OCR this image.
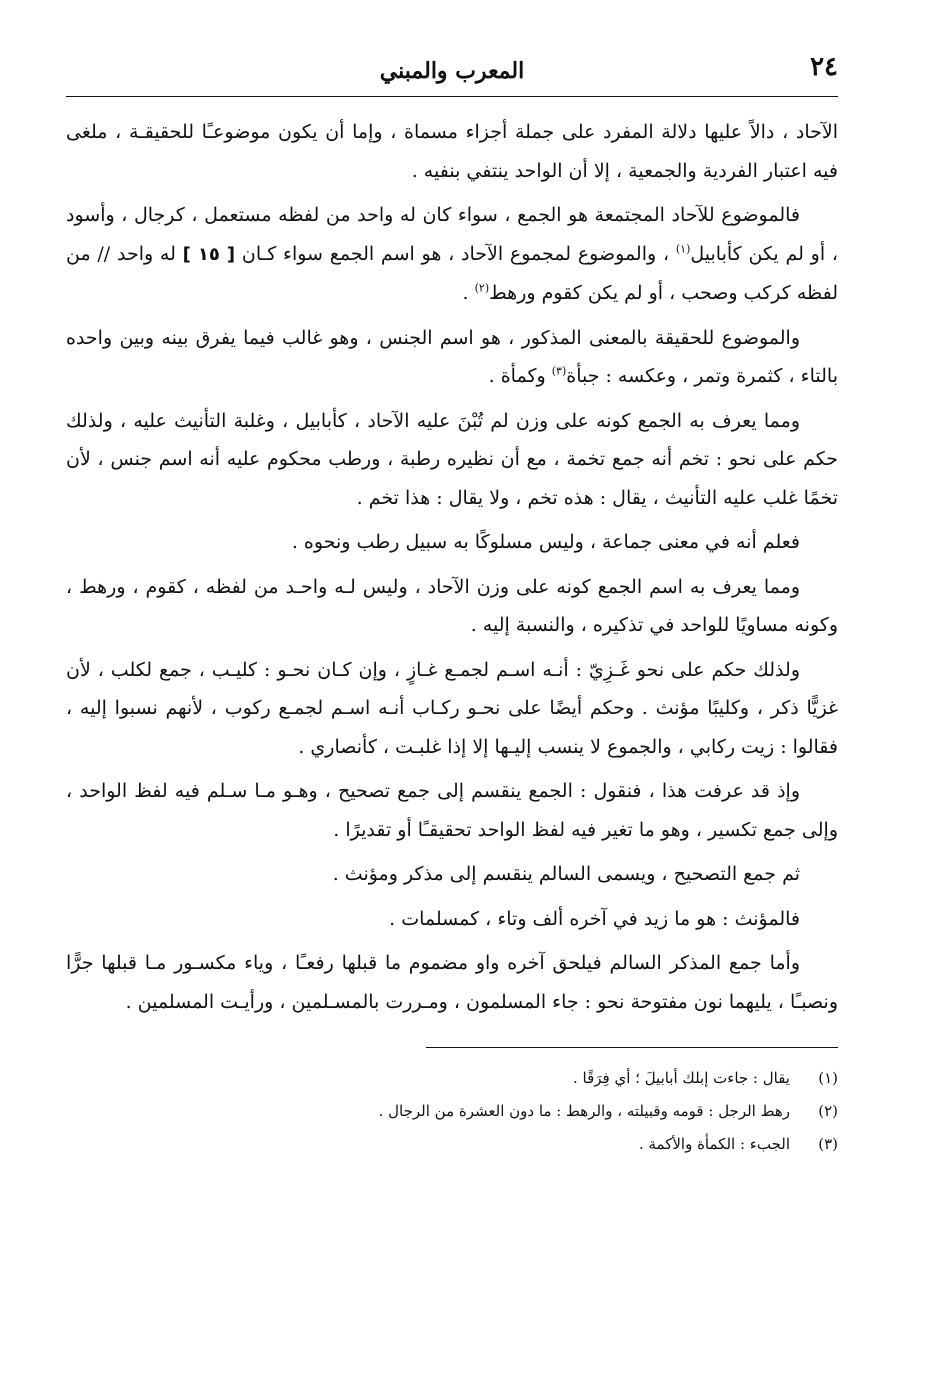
٢٤
المعرب والمبني

الآحاد ، دالاً عليها دلالة المفرد على جملة أجزاء مسماة ، وإما أن يكون موضوعـًا للحقيقـة ، ملغى فيه اعتبار الفردية والجمعية ، إلا أن الواحد ينتفي بنفيه .

فالموضوع للآحاد المجتمعة هو الجمع ، سواء كان له واحد من لفظه مستعمل ، كرجال ، وأسود ، أو لم يكن كأبابيل$^{(١)}$ ، والموضوع لمجموع الآحاد ، هو اسم الجمع سواء كـان [ ١٥ ] له واحد // من لفظه كركب وصحب ، أو لم يكن كقوم ورهط$^{(٢)}$ .

والموضوع للحقيقة بالمعنى المذكور ، هو اسم الجنس ، وهو غالب فيما يفرق بينه وبين واحده بالتاء ، كثمرة وتمر ، وعكسه : جبأة$^{(٣)}$ وكمأة .

ومما يعرف به الجمع كونه على وزن لم تُبْنَ عليه الآحاد ، كأبابيل ، وغلبة التأنيث عليه ، ولذلك حكم على نحو : تخم أنه جمع تخمة ، مع أن نظيره رطبة ، ورطب محكوم عليه أنه اسم جنس ، لأن تخمًا غلب عليه التأنيث ، يقال : هذه تخم ، ولا يقال : هذا تخم .

فعلم أنه في معنى جماعة ، وليس مسلوكًا به سبيل رطب ونحوه .

ومما يعرف به اسم الجمع كونه على وزن الآحاد ، وليس لـه واحـد من لفظه ، كقوم ، ورهط ، وكونه مساويًا للواحد في تذكيره ، والنسبة إليه .

ولذلك حكم على نحو غَـزِيّ : أنـه اسـم لجمـع غـازٍ ، وإن كـان نحـو : كليـب ، جمع لكلب ، لأن غزيًّا ذكر ، وكليبًا مؤنث . وحكم أيضًا على نحـو ركـاب أنـه اسـم لجمـع ركوب ، لأنهم نسبوا إليه ، فقالوا : زيت ركابي ، والجموع لا ينسب إليـها إلا إذا غلبـت ، كأنصاري .

وإذ قد عرفت هذا ، فنقول : الجمع ينقسم إلى جمع تصحيح ، وهـو مـا سـلم فيه لفظ الواحد ، وإلى جمع تكسير ، وهو ما تغير فيه لفظ الواحد تحقيقـًا أو تقديرًا .

ثم جمع التصحيح ، ويسمى السالم ينقسم إلى مذكر ومؤنث .

فالمؤنث : هو ما زيد في آخره ألف وتاء ، كمسلمات .

وأما جمع المذكر السالم فيلحق آخره واو مضموم ما قبلها رفعـًا ، وياء مكسـور مـا قبلها جرًّا ونصبـًا ، يليهما نون مفتوحة نحو : جاء المسلمون ، ومـررت بالمسـلمين ، ورأيـت المسلمين .

(١)
يقال : جاءت إبلك أبابيلَ ؛ أي فِرَقًا .
(٢)
رهط الرجل : قومه وقبيلته ، والرهط : ما دون العشرة من الرجال .
(٣)
الجبء : الكمأة والأكمة .
